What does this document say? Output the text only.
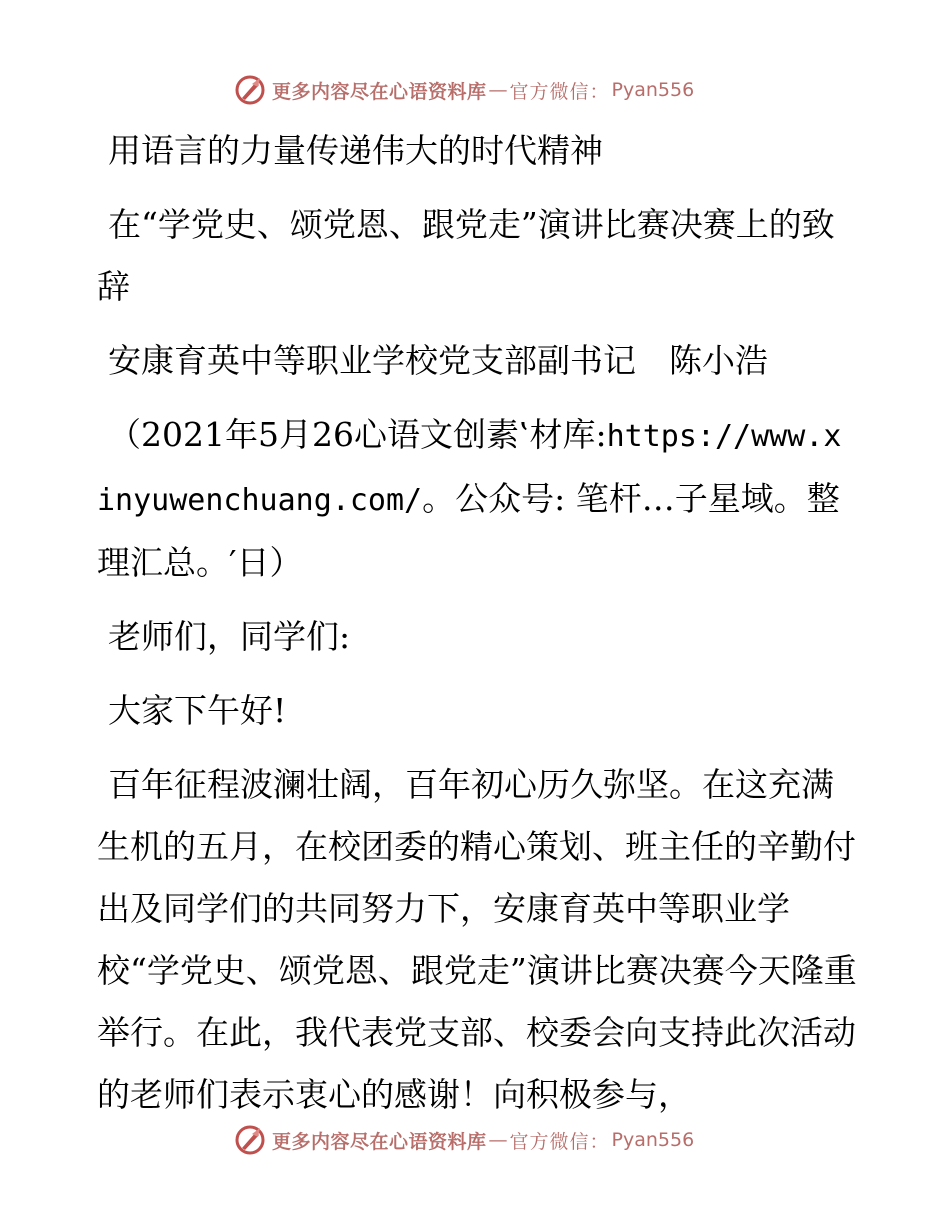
更多内容尽在心语资料库 — 官方微信： Pyan556

用语言的力量传递伟大的时代精神

在“学党史、颂党恩、跟党走”演讲比赛决赛上的致辞

安康育英中等职业学校党支部副书记　陈小浩

（2021年5月26心语文创素‛材库:https://www.xinyuwenchuang.com/。公众号: 笔杆…子星域。整理汇总。′日）

老师们，同学们:

大家下午好!

百年征程波澜壮阔，百年初心历久弥坚。在这充满生机的五月，在校团委的精心策划、班主任的辛勤付出及同学们的共同努力下，安康育英中等职业学校“学党史、颂党恩、跟党走”演讲比赛决赛今天隆重举行。在此，我代表党支部、校委会向支持此次活动的老师们表示衷心的感谢！向积极参与，

更多内容尽在心语资料库 — 官方微信： Pyan556
